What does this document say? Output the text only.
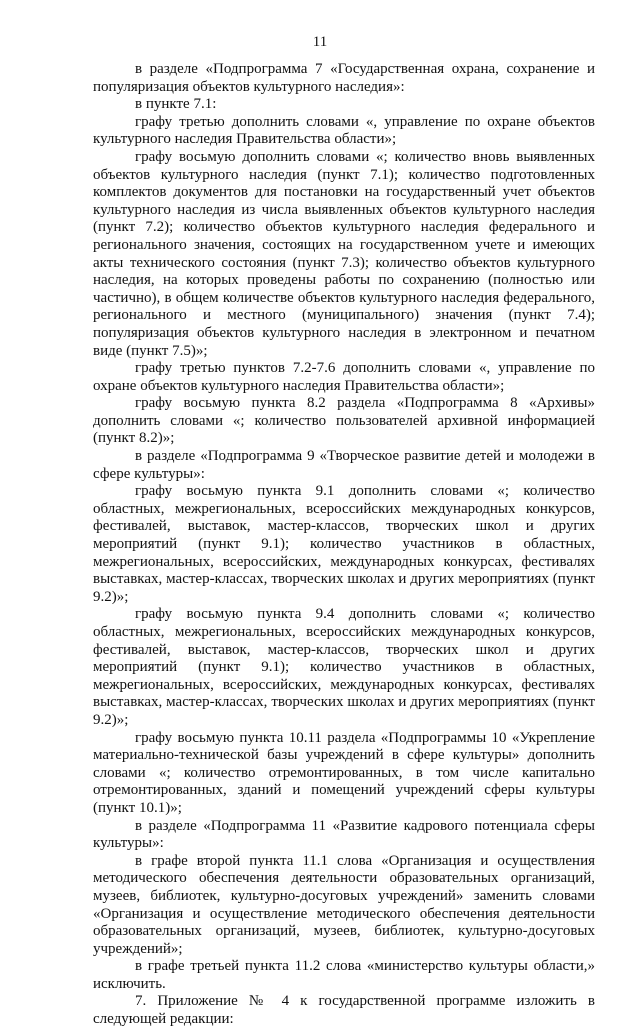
11

в разделе «Подпрограмма 7 «Государственная охрана, сохранение и популяризация объектов культурного наследия»:

в пункте 7.1:

графу третью дополнить словами «, управление по охране объектов культурного наследия Правительства области»;

графу восьмую дополнить словами «; количество вновь выявленных объектов культурного наследия (пункт 7.1); количество подготовленных комплектов документов для постановки на государственный учет объектов культурного наследия из числа выявленных объектов культурного наследия (пункт 7.2); количество объектов культурного наследия федерального и регионального значения, состоящих на государственном учете и имеющих акты технического состояния (пункт 7.3); количество объектов культурного наследия, на которых проведены работы по сохранению (полностью или частично), в общем количестве объектов культурного наследия федерального, регионального и местного (муниципального) значения (пункт 7.4); популяризация объектов культурного наследия в электронном и печатном виде (пункт 7.5)»;

графу третью пунктов 7.2-7.6 дополнить словами «, управление по охране объектов культурного наследия Правительства области»;

графу восьмую пункта 8.2 раздела «Подпрограмма 8 «Архивы» дополнить словами «; количество пользователей архивной информацией (пункт 8.2)»;

в разделе «Подпрограмма 9 «Творческое развитие детей и молодежи в сфере культуры»:

графу восьмую пункта 9.1 дополнить словами «; количество областных, межрегиональных, всероссийских международных конкурсов, фестивалей, выставок, мастер-классов, творческих школ и других мероприятий (пункт 9.1); количество участников в областных, межрегиональных, всероссийских, международных конкурсах, фестивалях выставках, мастер-классах, творческих школах и других мероприятиях (пункт 9.2)»;

графу восьмую пункта 9.4 дополнить словами «; количество областных, межрегиональных, всероссийских международных конкурсов, фестивалей, выставок, мастер-классов, творческих школ и других мероприятий (пункт 9.1); количество участников в областных, межрегиональных, всероссийских, международных конкурсах, фестивалях выставках, мастер-классах, творческих школах и других мероприятиях (пункт 9.2)»;

графу восьмую пункта 10.11 раздела «Подпрограммы 10 «Укрепление материально-технической базы учреждений в сфере культуры» дополнить словами «; количество отремонтированных, в том числе капитально отремонтированных, зданий и помещений учреждений сферы культуры (пункт 10.1)»;

в разделе «Подпрограмма 11 «Развитие кадрового потенциала сферы культуры»:

в графе второй пункта 11.1 слова «Организация и осуществления методического обеспечения деятельности образовательных организаций, музеев, библиотек, культурно-досуговых учреждений» заменить словами «Организация и осуществление методического обеспечения деятельности образовательных организаций, музеев, библиотек, культурно-досуговых учреждений»;

в графе третьей пункта 11.2 слова «министерство культуры области,» исключить.

7. Приложение № 4 к государственной программе изложить в следующей редакции:
